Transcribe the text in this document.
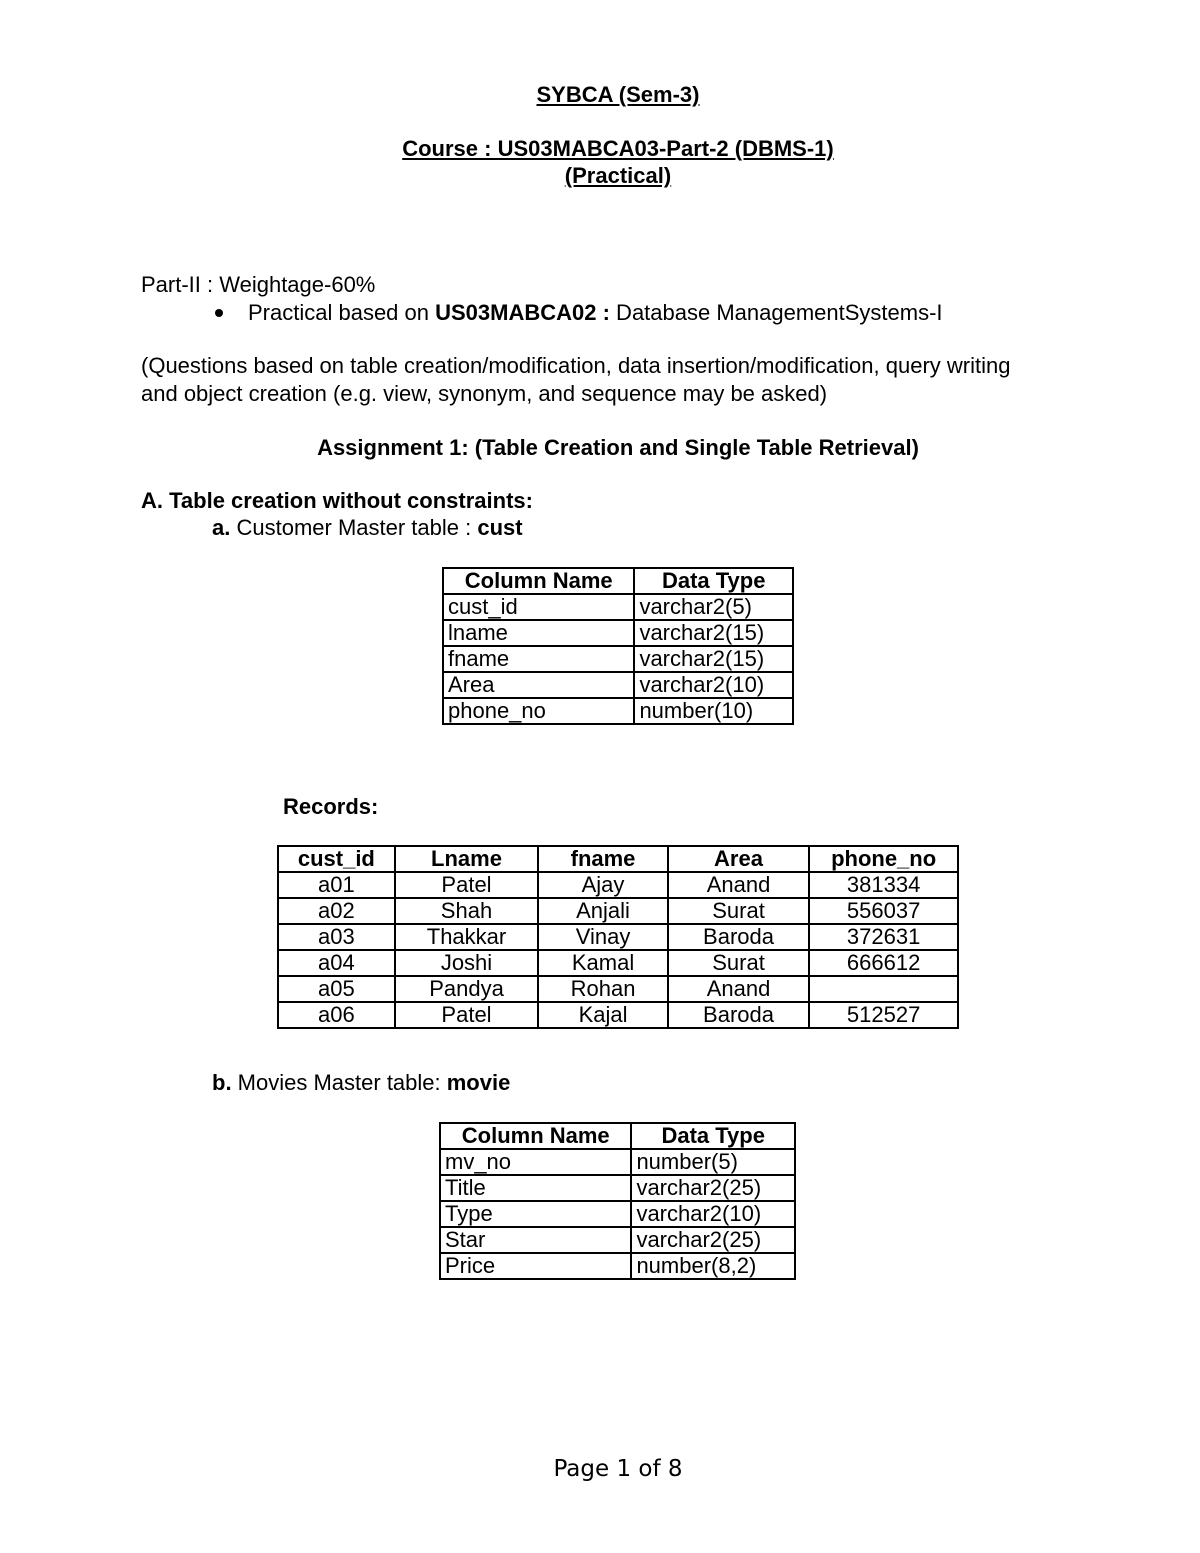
SYBCA (Sem-3)
Course : US03MABCA03-Part-2 (DBMS-1)
(Practical)
Part-II : Weightage-60%
Practical based on US03MABCA02 : Database ManagementSystems-I
(Questions based on table creation/modification, data insertion/modification, query writing
and object creation (e.g. view, synonym, and sequence may be asked)
Assignment 1: (Table Creation and Single Table Retrieval)
A. Table creation without constraints:
a. Customer Master table : cust
Column Name	Data Type
cust_id	varchar2(5)
lname	varchar2(15)
fname	varchar2(15)
Area	varchar2(10)
phone_no	number(10)
Records:
cust_id	Lname	fname	Area	phone_no
a01	Patel	Ajay	Anand	381334
a02	Shah	Anjali	Surat	556037
a03	Thakkar	Vinay	Baroda	372631
a04	Joshi	Kamal	Surat	666612
a05	Pandya	Rohan	Anand	
a06	Patel	Kajal	Baroda	512527
b. Movies Master table: movie
Column Name	Data Type
mv_no	number(5)
Title	varchar2(25)
Type	varchar2(10)
Star	varchar2(25)
Price	number(8,2)
Page 1 of 8
